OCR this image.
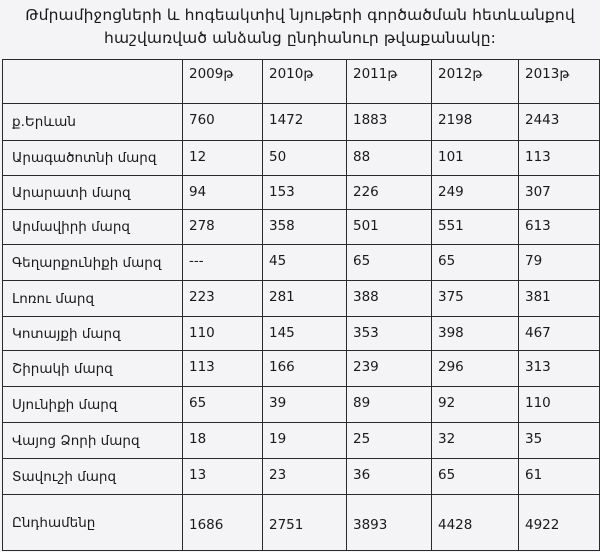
Թմրամիջոցների և հոգեակտիվ նյութերի գործածման հետևանքով
հաշվառված անձանց ընդհանուր թվաքանակը:
	2009թ	2010թ	2011թ	2012թ	2013թ
ք.Երևան	760	1472	1883	2198	2443
Արագածոտնի մարզ	12	50	88	101	113
Արարատի մարզ	94	153	226	249	307
Արմավիրի մարզ	278	358	501	551	613
Գեղարքունիքի մարզ	---	45	65	65	79
Լոռու մարզ	223	281	388	375	381
Կոտայքի մարզ	110	145	353	398	467
Շիրակի մարզ	113	166	239	296	313
Սյունիքի մարզ	65	39	89	92	110
Վայոց Ձորի մարզ	18	19	25	32	35
Տավուշի մարզ	13	23	36	65	61
Ընդհամենը	1686	2751	3893	4428	4922
